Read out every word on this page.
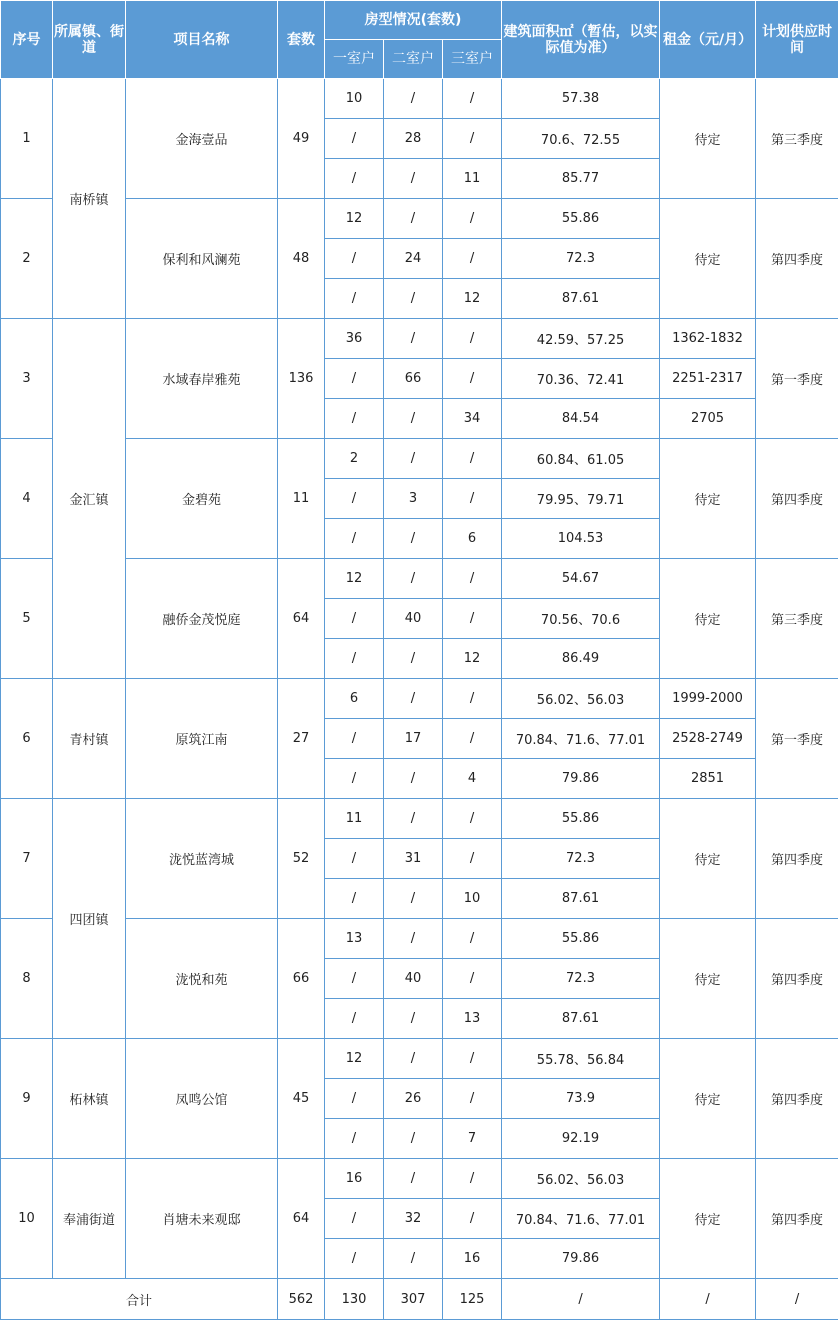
序号	所属镇、街道	项目名称	套数	房型情况(套数)			建筑面积㎡（暂估，以实际值为准）	租金（元/月）	计划供应时间
				一室户	二室户	三室户			
1	南桥镇	金海壹品	49	10	/	/	57.38	待定	第三季度
				/	28	/	70.6、72.55		
				/	/	11	85.77		
2		保利和风澜苑	48	12	/	/	55.86	待定	第四季度
				/	24	/	72.3		
				/	/	12	87.61		
3	金汇镇	水域春岸雅苑	136	36	/	/	42.59、57.25	1362-1832	第一季度
				/	66	/	70.36、72.41	2251-2317	
				/	/	34	84.54	2705	
4		金碧苑	11	2	/	/	60.84、61.05	待定	第四季度
				/	3	/	79.95、79.71		
				/	/	6	104.53		
5		融侨金茂悦庭	64	12	/	/	54.67	待定	第三季度
				/	40	/	70.56、70.6		
				/	/	12	86.49		
6	青村镇	原筑江南	27	6	/	/	56.02、56.03	1999-2000	第一季度
				/	17	/	70.84、71.6、77.01	2528-2749	
				/	/	4	79.86	2851	
7	四团镇	泷悦蓝湾城	52	11	/	/	55.86	待定	第四季度
				/	31	/	72.3		
				/	/	10	87.61		
8		泷悦和苑	66	13	/	/	55.86	待定	第四季度
				/	40	/	72.3		
				/	/	13	87.61		
9	柘林镇	凤鸣公馆	45	12	/	/	55.78、56.84	待定	第四季度
				/	26	/	73.9		
				/	/	7	92.19		
10	奉浦街道	肖塘未来观邸	64	16	/	/	56.02、56.03	待定	第四季度
				/	32	/	70.84、71.6、77.01		
				/	/	16	79.86		
合计			562	130	307	125	/	/	/
